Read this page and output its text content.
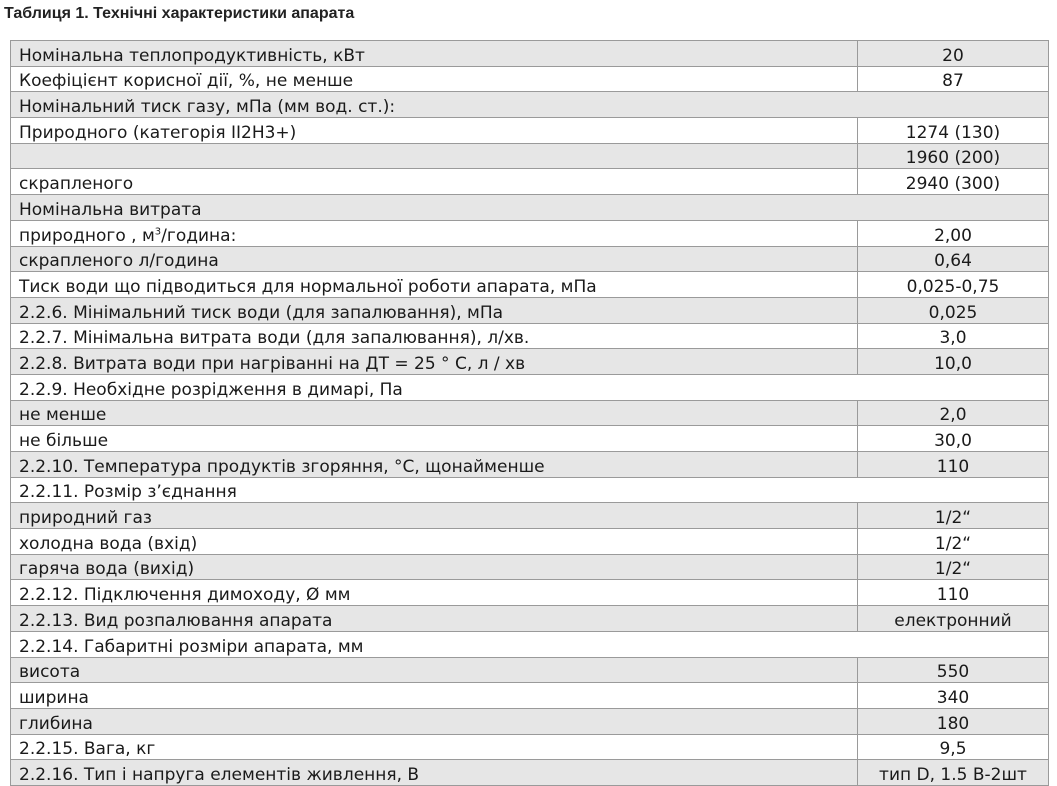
Таблиця 1. Технічні характеристики апарата
Номінальна теплопродуктивність, кВт	20
Коефіцієнт корисної дії, %, не менше	87
Номінальний тиск газу, мПа (мм вод. ст.):	
Природного (категорія ІІ2Н3+)	1274 (130)
	1960 (200)
скрапленого	2940 (300)
Номінальна витрата	
природного , $м^3$/година:	2,00
скрапленого л/година	0,64
Тиск води що підводиться для нормальної роботи апарата, мПа	0,025-0,75
2.2.6. Мінімальний тиск води (для запалювання), мПа	0,025
2.2.7. Мінімальна витрата води (для запалювання), л/хв.	3,0
2.2.8. Витрата води при нагріванні на ДТ = 25 ° С, л / хв	10,0
2.2.9. Необхідне розрідження в димарі, Па	
не менше	2,0
не більше	30,0
2.2.10. Температура продуктів згоряння, °С, щонайменше	110
2.2.11. Розмір з’єднання	
природний газ	1/2“
холодна вода (вхід)	1/2“
гаряча вода (вихід)	1/2“
2.2.12. Підключення димоходу, Ø мм	110
2.2.13. Вид розпалювання апарата	електронний
2.2.14. Габаритні розміри апарата, мм	
висота	550
ширина	340
глибина	180
2.2.15. Вага, кг	9,5
2.2.16. Тип і напруга елементів живлення, В	тип D, 1.5 В-2шт
